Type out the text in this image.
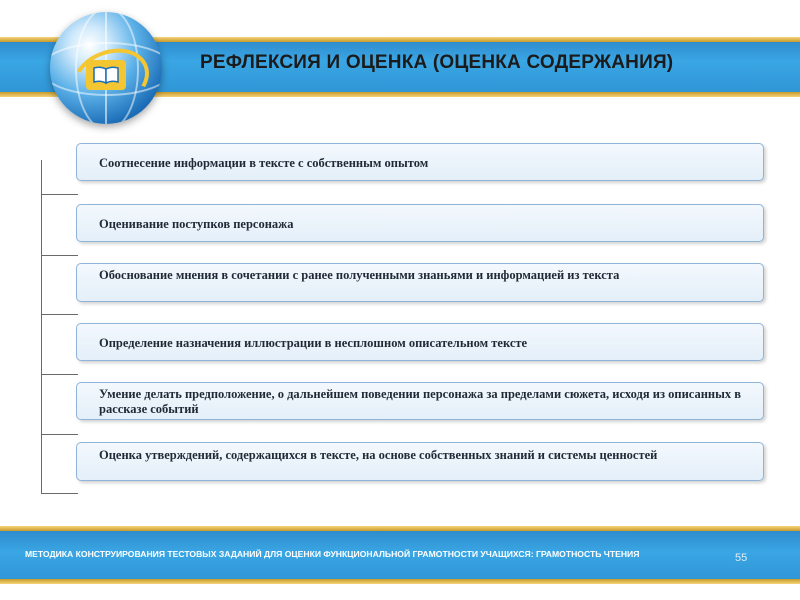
РЕФЛЕКСИЯ И ОЦЕНКА (ОЦЕНКА СОДЕРЖАНИЯ)
Соотнесение информации в тексте с собственным опытом
Оценивание поступков персонажа
Обоснование мнения в сочетании с ранее полученными знаньями и информацией из текста
Определение назначения иллюстрации в несплошном описательном тексте
Умение делать предположение, о дальнейшем поведении персонажа за пределами сюжета, исходя из описанных в рассказе событий
Оценка утверждений, содержащихся в тексте, на основе собственных знаний и системы ценностей
МЕТОДИКА КОНСТРУИРОВАНИЯ ТЕСТОВЫХ ЗАДАНИЙ ДЛЯ ОЦЕНКИ ФУНКЦИОНАЛЬНОЙ ГРАМОТНОСТИ УЧАЩИХСЯ: ГРАМОТНОСТЬ ЧТЕНИЯ	55
